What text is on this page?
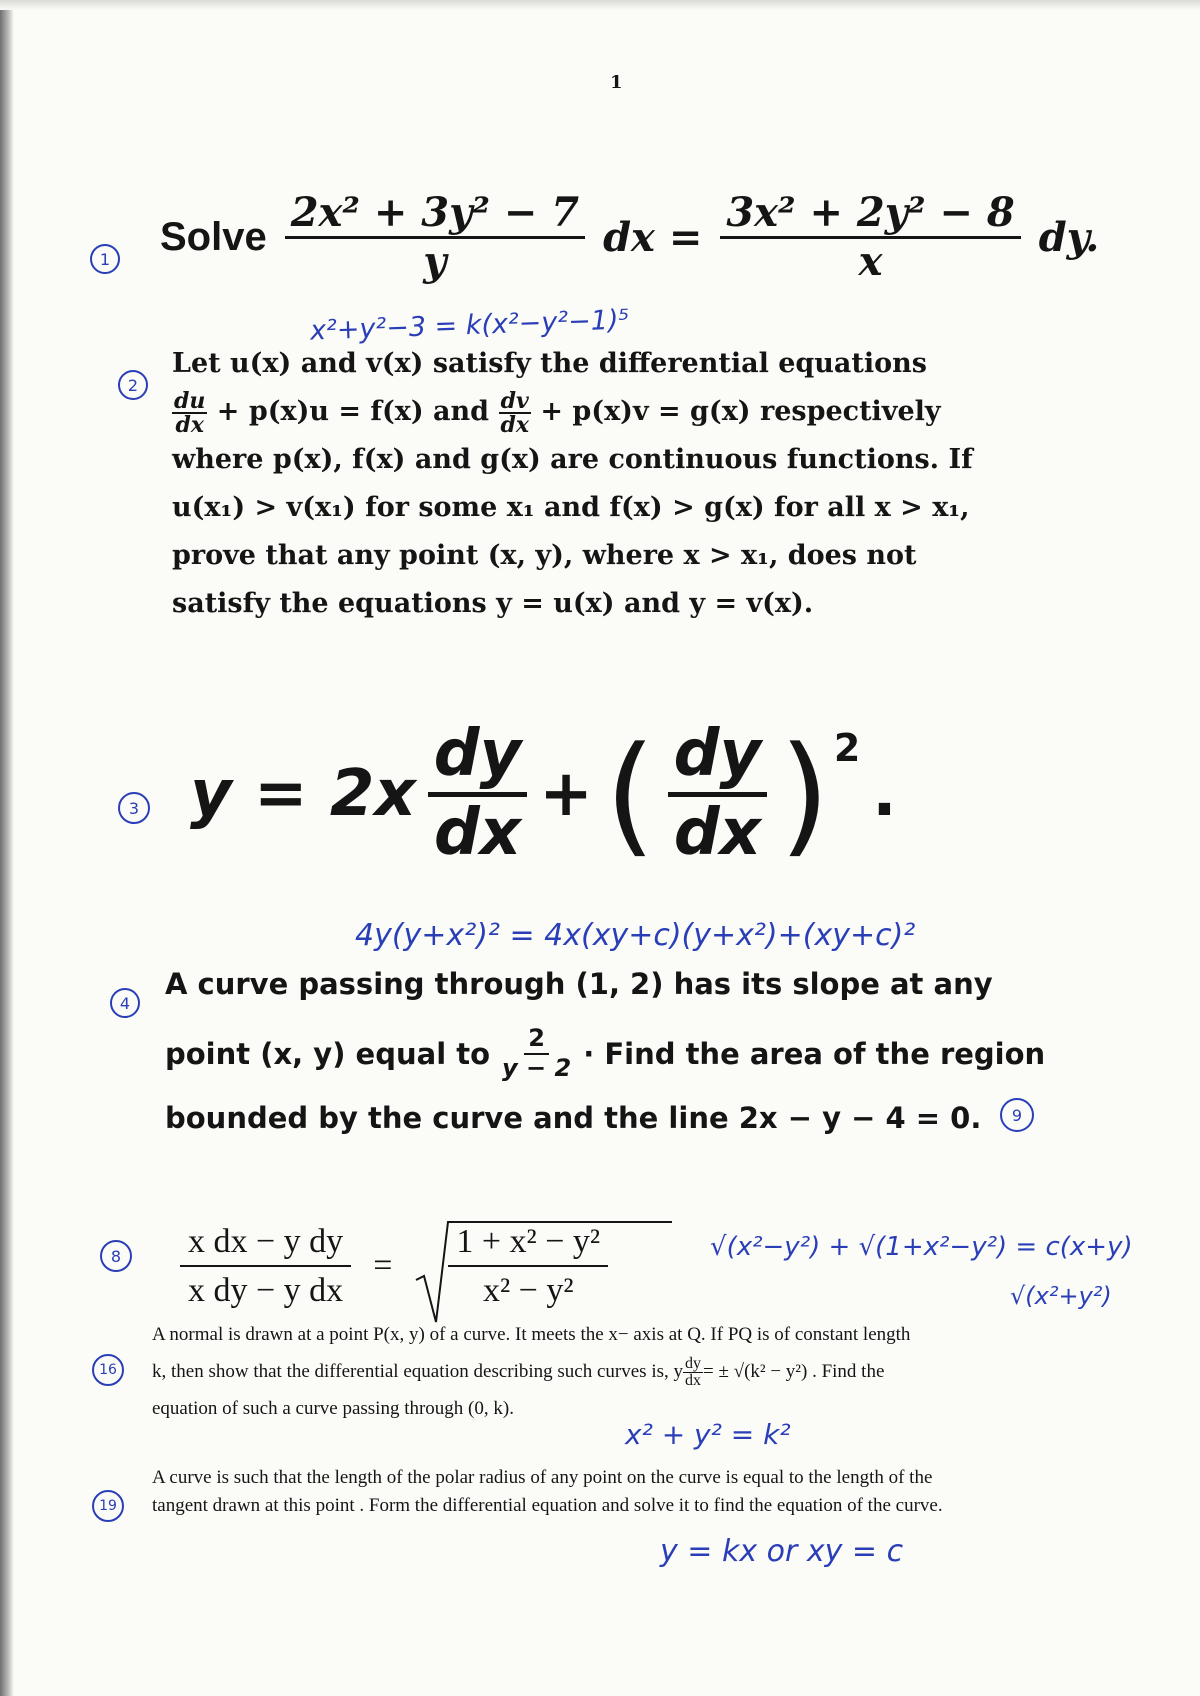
1
1 Solve $\frac{\text{2x² + 3y² − 7}}{y}$ dx = $\frac{\text{3x² + 2y² − 8}}{x}$ dy.
x²+y²−3 = k(x²−y²−1)⁵
2
Let u(x) and v(x) satisfy the differential equations
$\frac{du}{dx} + p(x)u = f(x)$ and $\frac{dv}{dx} + p(x)v = g(x)$ respectively
where p(x), f(x) and g(x) are continuous functions. If
u(x₁) > v(x₁) for some x₁ and f(x) > g(x) for all x > x₁,
prove that any point (x, y), where x > x₁, does not
satisfy the equations y = u(x) and y = v(x).
3 $y = 2x \frac{dy}{dx}$ + ( $\frac{dy}{dx}$ ) 2
.
4y(y+x²)² = 4x(xy+c)(y+x²)+(xy+c)²
4
A curve passing through (1, 2) has its slope at any
point (x, y) equal to $\frac{2}{y - 2}$ · Find the area of the region
bounded by the curve and the line 2x − y − 4 = 0.	9
8	$\frac{\text{x dx − y dy}}{\text{x dy − y dx}} = \frac{\text{1 + x² − y²}}{\text{x² − y²}}$	√(x²−y²) + √(1+x²−y²) = c(x+y)
√(x²+y²)
16
A normal is drawn at a point P(x, y) of a curve. It meets the x− axis at Q. If PQ is of constant length
k, then show that the differential equation describing such curves is, y $\frac{dy}{dx}$ = ± √(k² − y²) . Find the
equation of such a curve passing through (0, k).
x² + y² = k²
19
A curve is such that the length of the polar radius of any point on the curve is equal to the length of the
tangent drawn at this point . Form the differential equation and solve it to find the equation of the curve.
y = kx or xy = c
